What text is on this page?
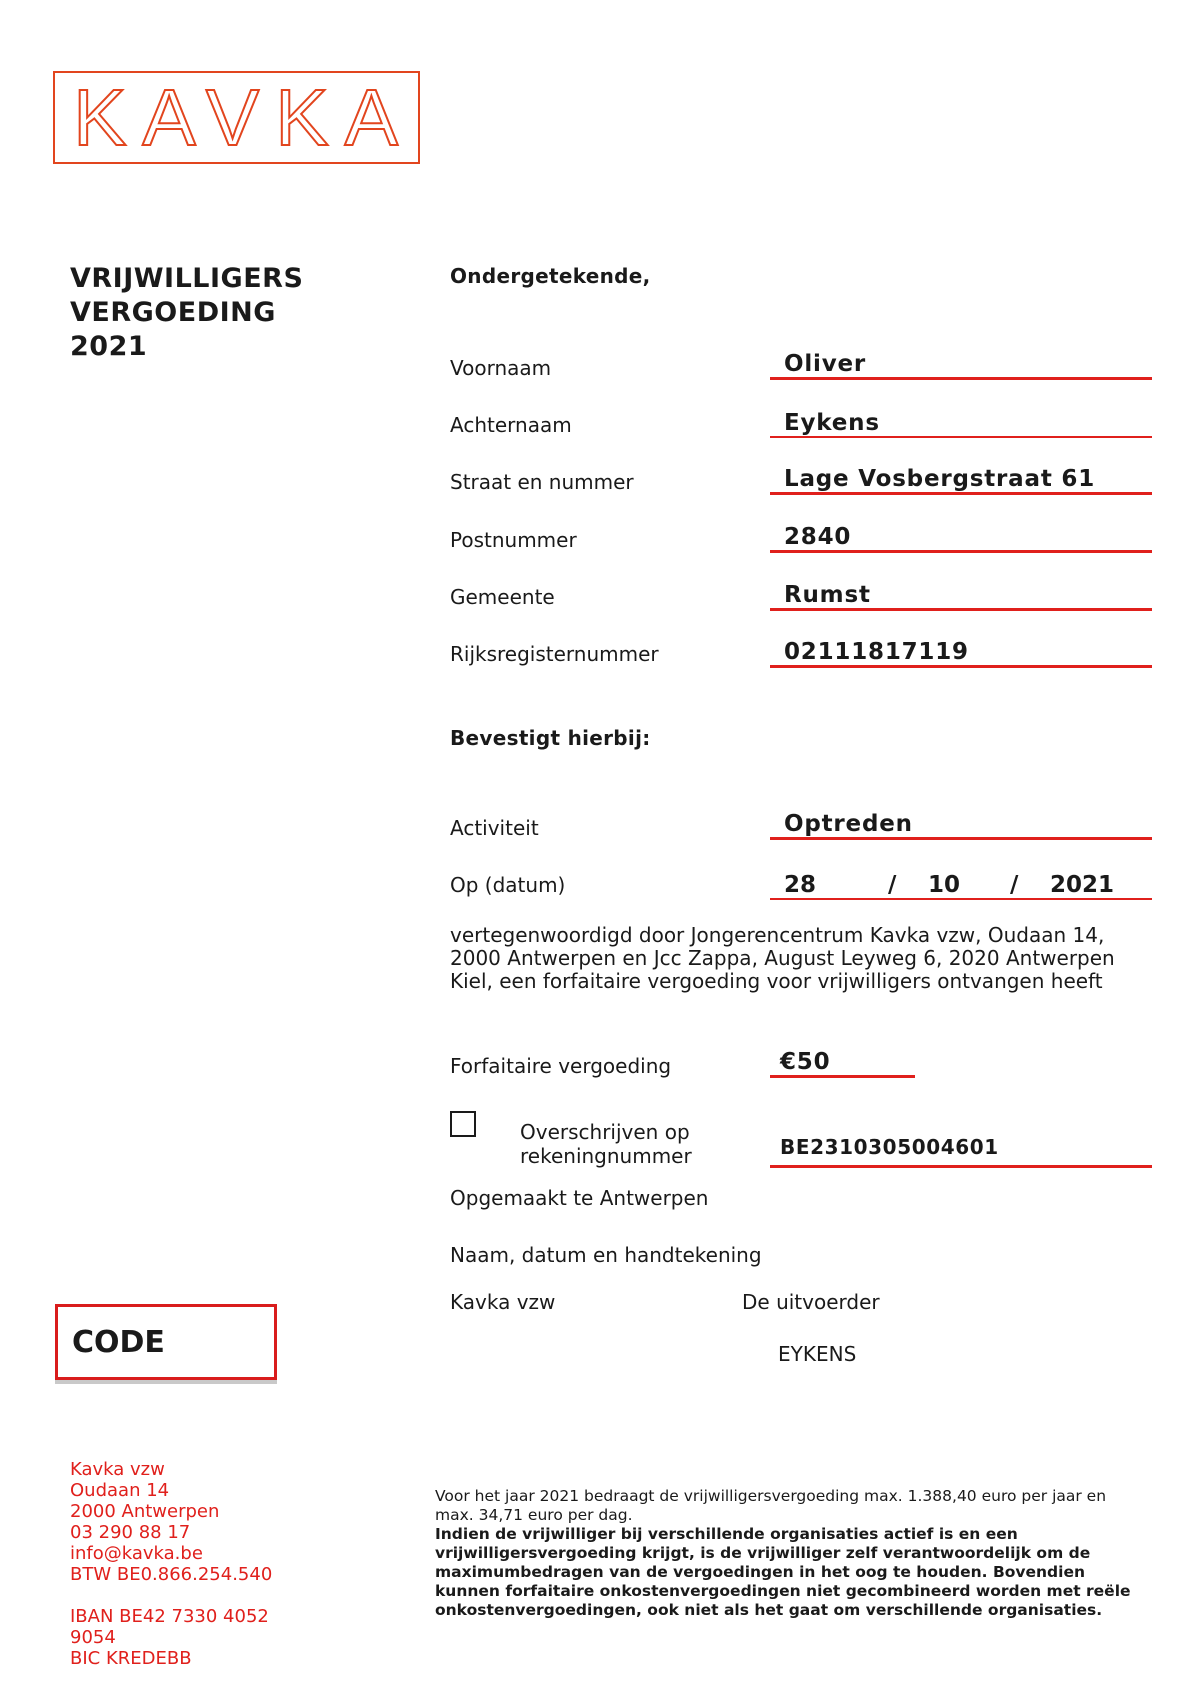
KAVKA
VRIJWILLIGERS
VERGOEDING
2021
Ondergetekende,
Voornaam	Oliver
Achternaam	Eykens
Straat en nummer	Lage Vosbergstraat 61
Postnummer	2840
Gemeente	Rumst
Rijksregisternummer	02111817119
Bevestigt hierbij:
Activiteit	Optreden
Op (datum)	28	/ 10 / 2021
vertegenwoordigd door Jongerencentrum Kavka vzw, Oudaan 14, 2000 Antwerpen en Jcc Zappa, August Leyweg 6, 2020 Antwerpen Kiel, een forfaitaire vergoeding voor vrijwilligers ontvangen heeft
Forfaitaire vergoeding	€50
Overschrijven op rekeningnummer	BE2310305004601
Opgemaakt te Antwerpen
Naam, datum en handtekening
Kavka vzw	De uitvoerder
EYKENS
CODE
Kavka vzw
Oudaan 14
2000 Antwerpen
03 290 88 17
info@kavka.be
BTW BE0.866.254.540

IBAN BE42 7330 4052
9054
BIC KREDEBB
Voor het jaar 2021 bedraagt de vrijwilligersvergoeding max. 1.388,40 euro per jaar en max. 34,71 euro per dag.
Indien de vrijwilliger bij verschillende organisaties actief is en een vrijwilligersvergoeding krijgt, is de vrijwilliger zelf verantwoordelijk om de maximumbedragen van de vergoedingen in het oog te houden. Bovendien kunnen forfaitaire onkostenvergoedingen niet gecombineerd worden met reële onkostenvergoedingen, ook niet als het gaat om verschillende organisaties.
